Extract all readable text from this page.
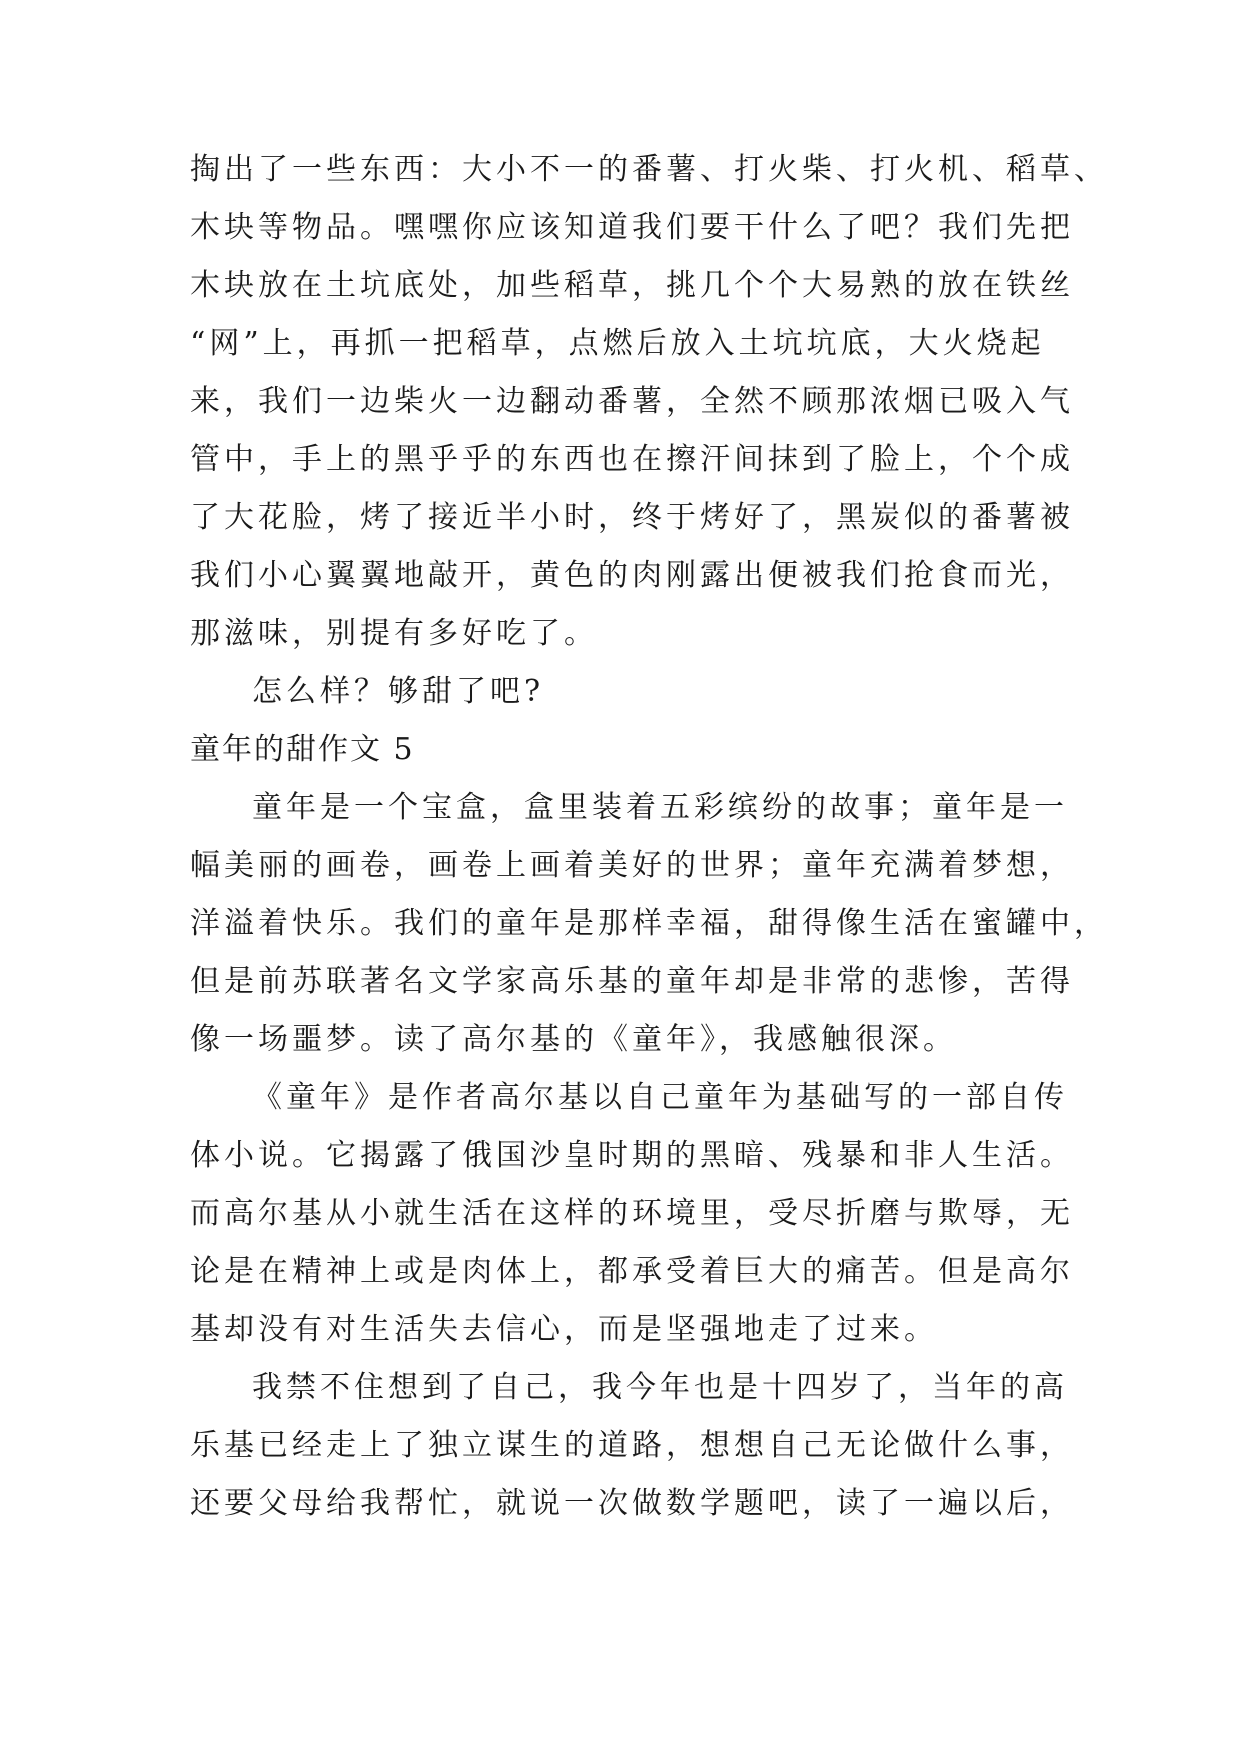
掏出了一些东西：大小不一的番薯、打火柴、打火机、稻草、
木块等物品。嘿嘿你应该知道我们要干什么了吧？我们先把
木块放在土坑底处，加些稻草，挑几个个大易熟的放在铁丝
“网”上，再抓一把稻草，点燃后放入土坑坑底，大火烧起
来，我们一边柴火一边翻动番薯，全然不顾那浓烟已吸入气
管中，手上的黑乎乎的东西也在擦汗间抹到了脸上，个个成
了大花脸，烤了接近半小时，终于烤好了，黑炭似的番薯被
我们小心翼翼地敲开，黄色的肉刚露出便被我们抢食而光，
那滋味，别提有多好吃了。
怎么样？够甜了吧?
童年的甜作文 5
童年是一个宝盒，盒里装着五彩缤纷的故事；童年是一
幅美丽的画卷，画卷上画着美好的世界；童年充满着梦想，
洋溢着快乐。我们的童年是那样幸福，甜得像生活在蜜罐中，
但是前苏联著名文学家高乐基的童年却是非常的悲惨，苦得
像一场噩梦。读了高尔基的《童年》，我感触很深。
《童年》是作者高尔基以自己童年为基础写的一部自传
体小说。它揭露了俄国沙皇时期的黑暗、残暴和非人生活。
而高尔基从小就生活在这样的环境里，受尽折磨与欺辱，无
论是在精神上或是肉体上，都承受着巨大的痛苦。但是高尔
基却没有对生活失去信心，而是坚强地走了过来。
我禁不住想到了自己，我今年也是十四岁了，当年的高
乐基已经走上了独立谋生的道路，想想自己无论做什么事，
还要父母给我帮忙，就说一次做数学题吧，读了一遍以后，
